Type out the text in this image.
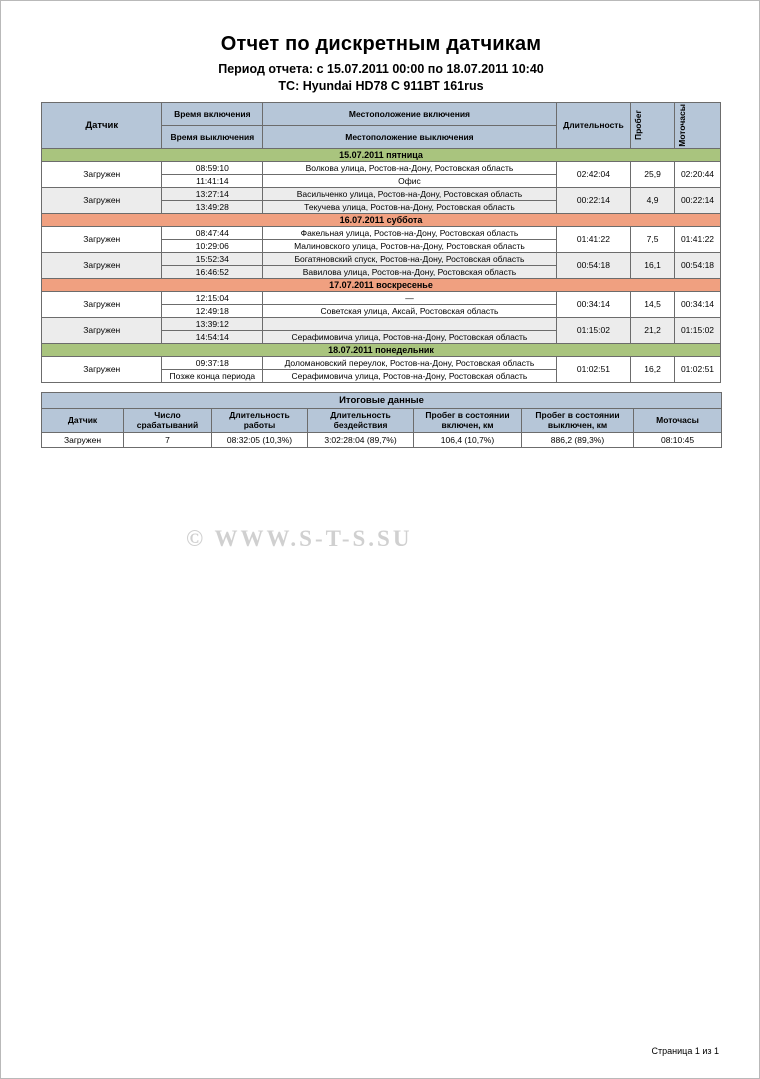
Отчет по дискретным датчикам
Период отчета: с 15.07.2011 00:00 по 18.07.2011 10:40
ТС: Hyundai HD78 С 911ВТ 161rus
Датчик	Время включения	Местоположение включения	Длительность	Пробег	Моточасы

	Время выключения	Местоположение выключения			
15.07.2011 пятница					
Загружен	08:59:10	Волкова улица, Ростов-на-Дону, Ростовская область	02:42:04	25,9	02:20:44
	11:41:14	Офис			
Загружен	13:27:14	Васильченко улица, Ростов-на-Дону, Ростовская область	00:22:14	4,9	00:22:14
	13:49:28	Текучева улица, Ростов-на-Дону, Ростовская область			
16.07.2011 суббота					
Загружен	08:47:44	Факельная улица, Ростов-на-Дону, Ростовская область	01:41:22	7,5	01:41:22
	10:29:06	Малиновского улица, Ростов-на-Дону, Ростовская область			
Загружен	15:52:34	Богатяновский спуск, Ростов-на-Дону, Ростовская область	00:54:18	16,1	00:54:18
	16:46:52	Вавилова улица, Ростов-на-Дону, Ростовская область			
17.07.2011 воскресенье					
Загружен	12:15:04	—	00:34:14	14,5	00:34:14
	12:49:18	Советская улица, Аксай, Ростовская область			
Загружен	13:39:12		01:15:02	21,2	01:15:02
	14:54:14	Серафимовича улица, Ростов-на-Дону, Ростовская область			
18.07.2011 понедельник					
Загружен	09:37:18	Доломановский переулок, Ростов-на-Дону, Ростовская область	01:02:51	16,2	01:02:51
	Позже конца периода	Серафимовича улица, Ростов-на-Дону, Ростовская область			
Итоговые данные						
Датчик	Число срабатываний	Длительность работы	Длительность бездействия	Пробег в состоянии включен, км	Пробег в состоянии выключен, км	Моточасы
Загружен	7	08:32:05 (10,3%)	3:02:28:04 (89,7%)	106,4 (10,7%)	886,2 (89,3%)	08:10:45
© WWW.S-T-S.SU
Страница 1 из 1
